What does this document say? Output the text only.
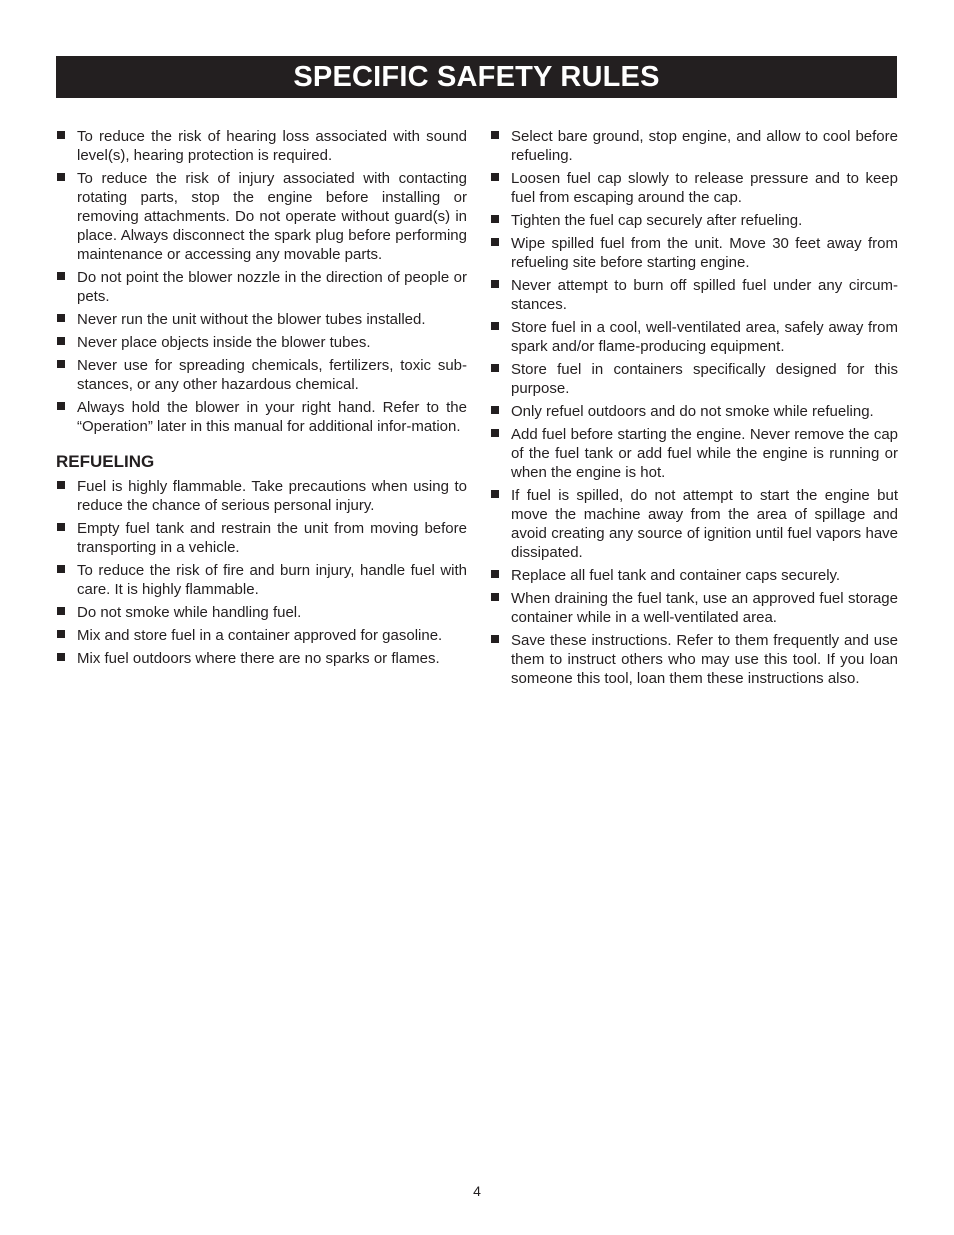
SPECIFIC SAFETY RULES
To reduce the risk of hearing loss associated with sound level(s), hearing protection is required.
To reduce the risk of injury associated with contacting rotating parts, stop the engine before installing or removing attachments. Do not operate without guard(s) in place. Always disconnect the spark plug before performing maintenance or accessing any movable parts.
Do not point the blower nozzle in the direction of people or pets.
Never run the unit without the blower tubes installed.
Never place objects inside the blower tubes.
Never use for spreading chemicals, fertilizers, toxic sub-stances, or any other hazardous chemical.
Always hold the blower in your right hand. Refer to the “Operation” later in this manual for additional infor-mation.
REFUELING
Fuel is highly flammable. Take precautions when using to reduce the chance of serious personal injury.
Empty fuel tank and restrain the unit from moving before transporting in a vehicle.
To reduce the risk of fire and burn injury, handle fuel with care. It is highly flammable.
Do not smoke while handling fuel.
Mix and store fuel in a container approved for gasoline.
Mix fuel outdoors where there are no sparks or flames.
Select bare ground, stop engine, and allow to cool before refueling.
Loosen fuel cap slowly to release pressure and to keep fuel from escaping around the cap.
Tighten the fuel cap securely after refueling.
Wipe spilled fuel from the unit. Move 30 feet away from refueling site before starting engine.
Never attempt to burn off spilled fuel under any circum-stances.
Store fuel in a cool, well-ventilated area, safely away from spark and/or flame-producing equipment.
Store fuel in containers specifically designed for this purpose.
Only refuel outdoors and do not smoke while refueling.
Add fuel before starting the engine. Never remove the cap of the fuel tank or add fuel while the engine is running or when the engine is hot.
If fuel is spilled, do not attempt to start the engine but move the machine away from the area of spillage and avoid creating any source of ignition until fuel vapors have dissipated.
Replace all fuel tank and container caps securely.
When draining the fuel tank, use an approved fuel storage container while in a well-ventilated area.
Save these instructions. Refer to them frequently and use them to instruct others who may use this tool. If you loan someone this tool, loan them these instructions also.
4
